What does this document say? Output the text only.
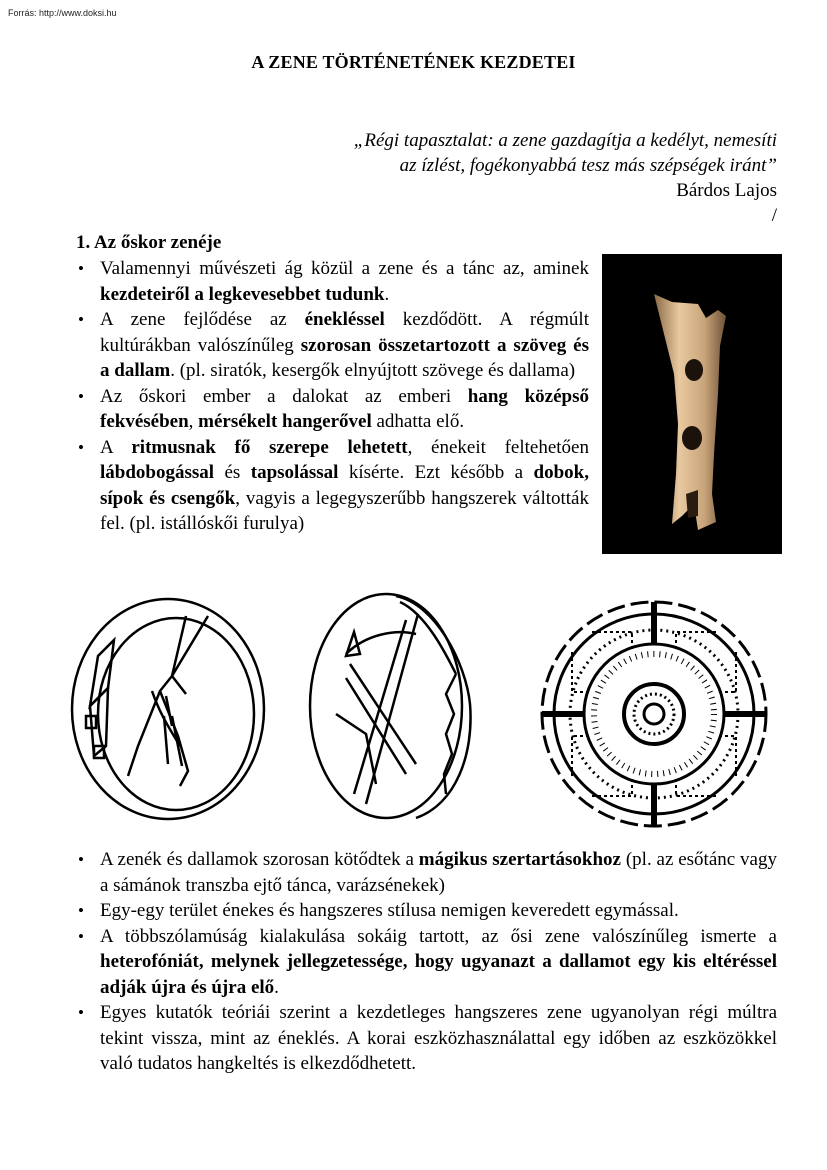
Forrás: http://www.doksi.hu
A ZENE TÖRTÉNETÉNEK KEZDETEI
„Régi tapasztalat: a zene gazdagítja a kedélyt, nemesíti
az ízlést, fogékonyabbá tesz más szépségek iránt”
Bárdos Lajos
/
1. Az őskor zenéje
• Valamennyi művészeti ág közül a zene és a tánc az, aminek kezdeteiről a legkevesebbet tudunk.
• A zene fejlődése az énekléssel kezdődött. A régmúlt kultúrákban valószínűleg szorosan összetartozott a szöveg és a dallam. (pl. siratók, kesergők elnyújtott szövege és dallama)
• Az őskori ember a dalokat az emberi hang középső fekvésében, mérsékelt hangerővel adhatta elő.
• A ritmusnak fő szerepe lehetett, énekeit feltehetően lábdobogással és tapsolással kísérte. Ezt később a dobok, sípok és csengők, vagyis a legegyszerűbb hangszerek váltották fel. (pl. istállóskői furulya)
• A zenék és dallamok szorosan kötődtek a mágikus szertartásokhoz (pl. az esőtánc vagy a sámánok transzba ejtő tánca, varázsénekek)
• Egy-egy terület énekes és hangszeres stílusa nemigen keveredett egymással.
• A többszólamúság kialakulása sokáig tartott, az ősi zene valószínűleg ismerte a heterofóniát, melynek jellegzetessége, hogy ugyanazt a dallamot egy kis eltéréssel adják újra és újra elő.
• Egyes kutatók teóriái szerint a kezdetleges hangszeres zene ugyanolyan régi múltra tekint vissza, mint az éneklés. A korai eszközhasználattal egy időben az eszközökkel való tudatos hangkeltés is elkezdődhetett.
